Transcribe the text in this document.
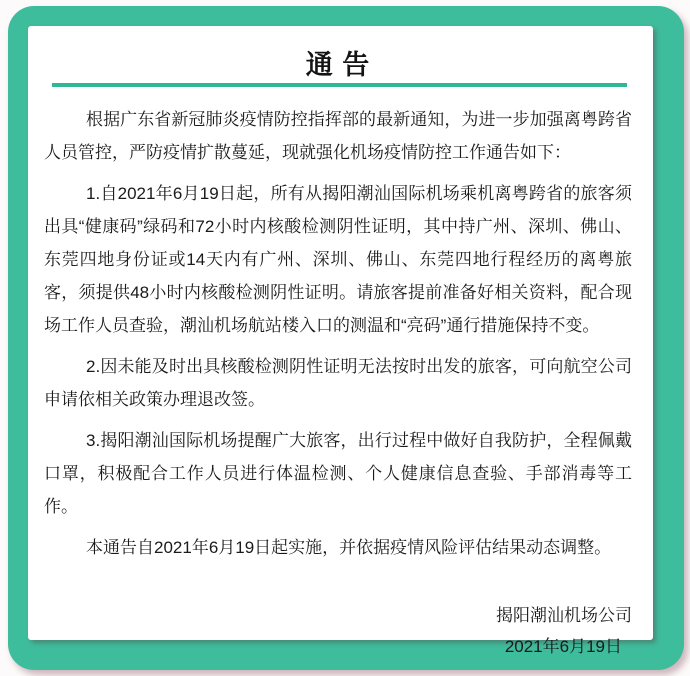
通 告

根据广东省新冠肺炎疫情防控指挥部的最新通知，为进一步加强离粤跨省人员管控，严防疫情扩散蔓延，现就强化机场疫情防控工作通告如下：

1.自2021年6月19日起，所有从揭阳潮汕国际机场乘机离粤跨省的旅客须出具“健康码”绿码和72小时内核酸检测阴性证明，其中持广州、深圳、佛山、东莞四地身份证或14天内有广州、深圳、佛山、东莞四地行程经历的离粤旅客，须提供48小时内核酸检测阴性证明。请旅客提前准备好相关资料，配合现场工作人员查验，潮汕机场航站楼入口的测温和“亮码”通行措施保持不变。

2.因未能及时出具核酸检测阴性证明无法按时出发的旅客，可向航空公司申请依相关政策办理退改签。

3.揭阳潮汕国际机场提醒广大旅客，出行过程中做好自我防护，全程佩戴口罩，积极配合工作人员进行体温检测、个人健康信息查验、手部消毒等工作。

本通告自2021年6月19日起实施，并依据疫情风险评估结果动态调整。

揭阳潮汕机场公司
2021年6月19日
